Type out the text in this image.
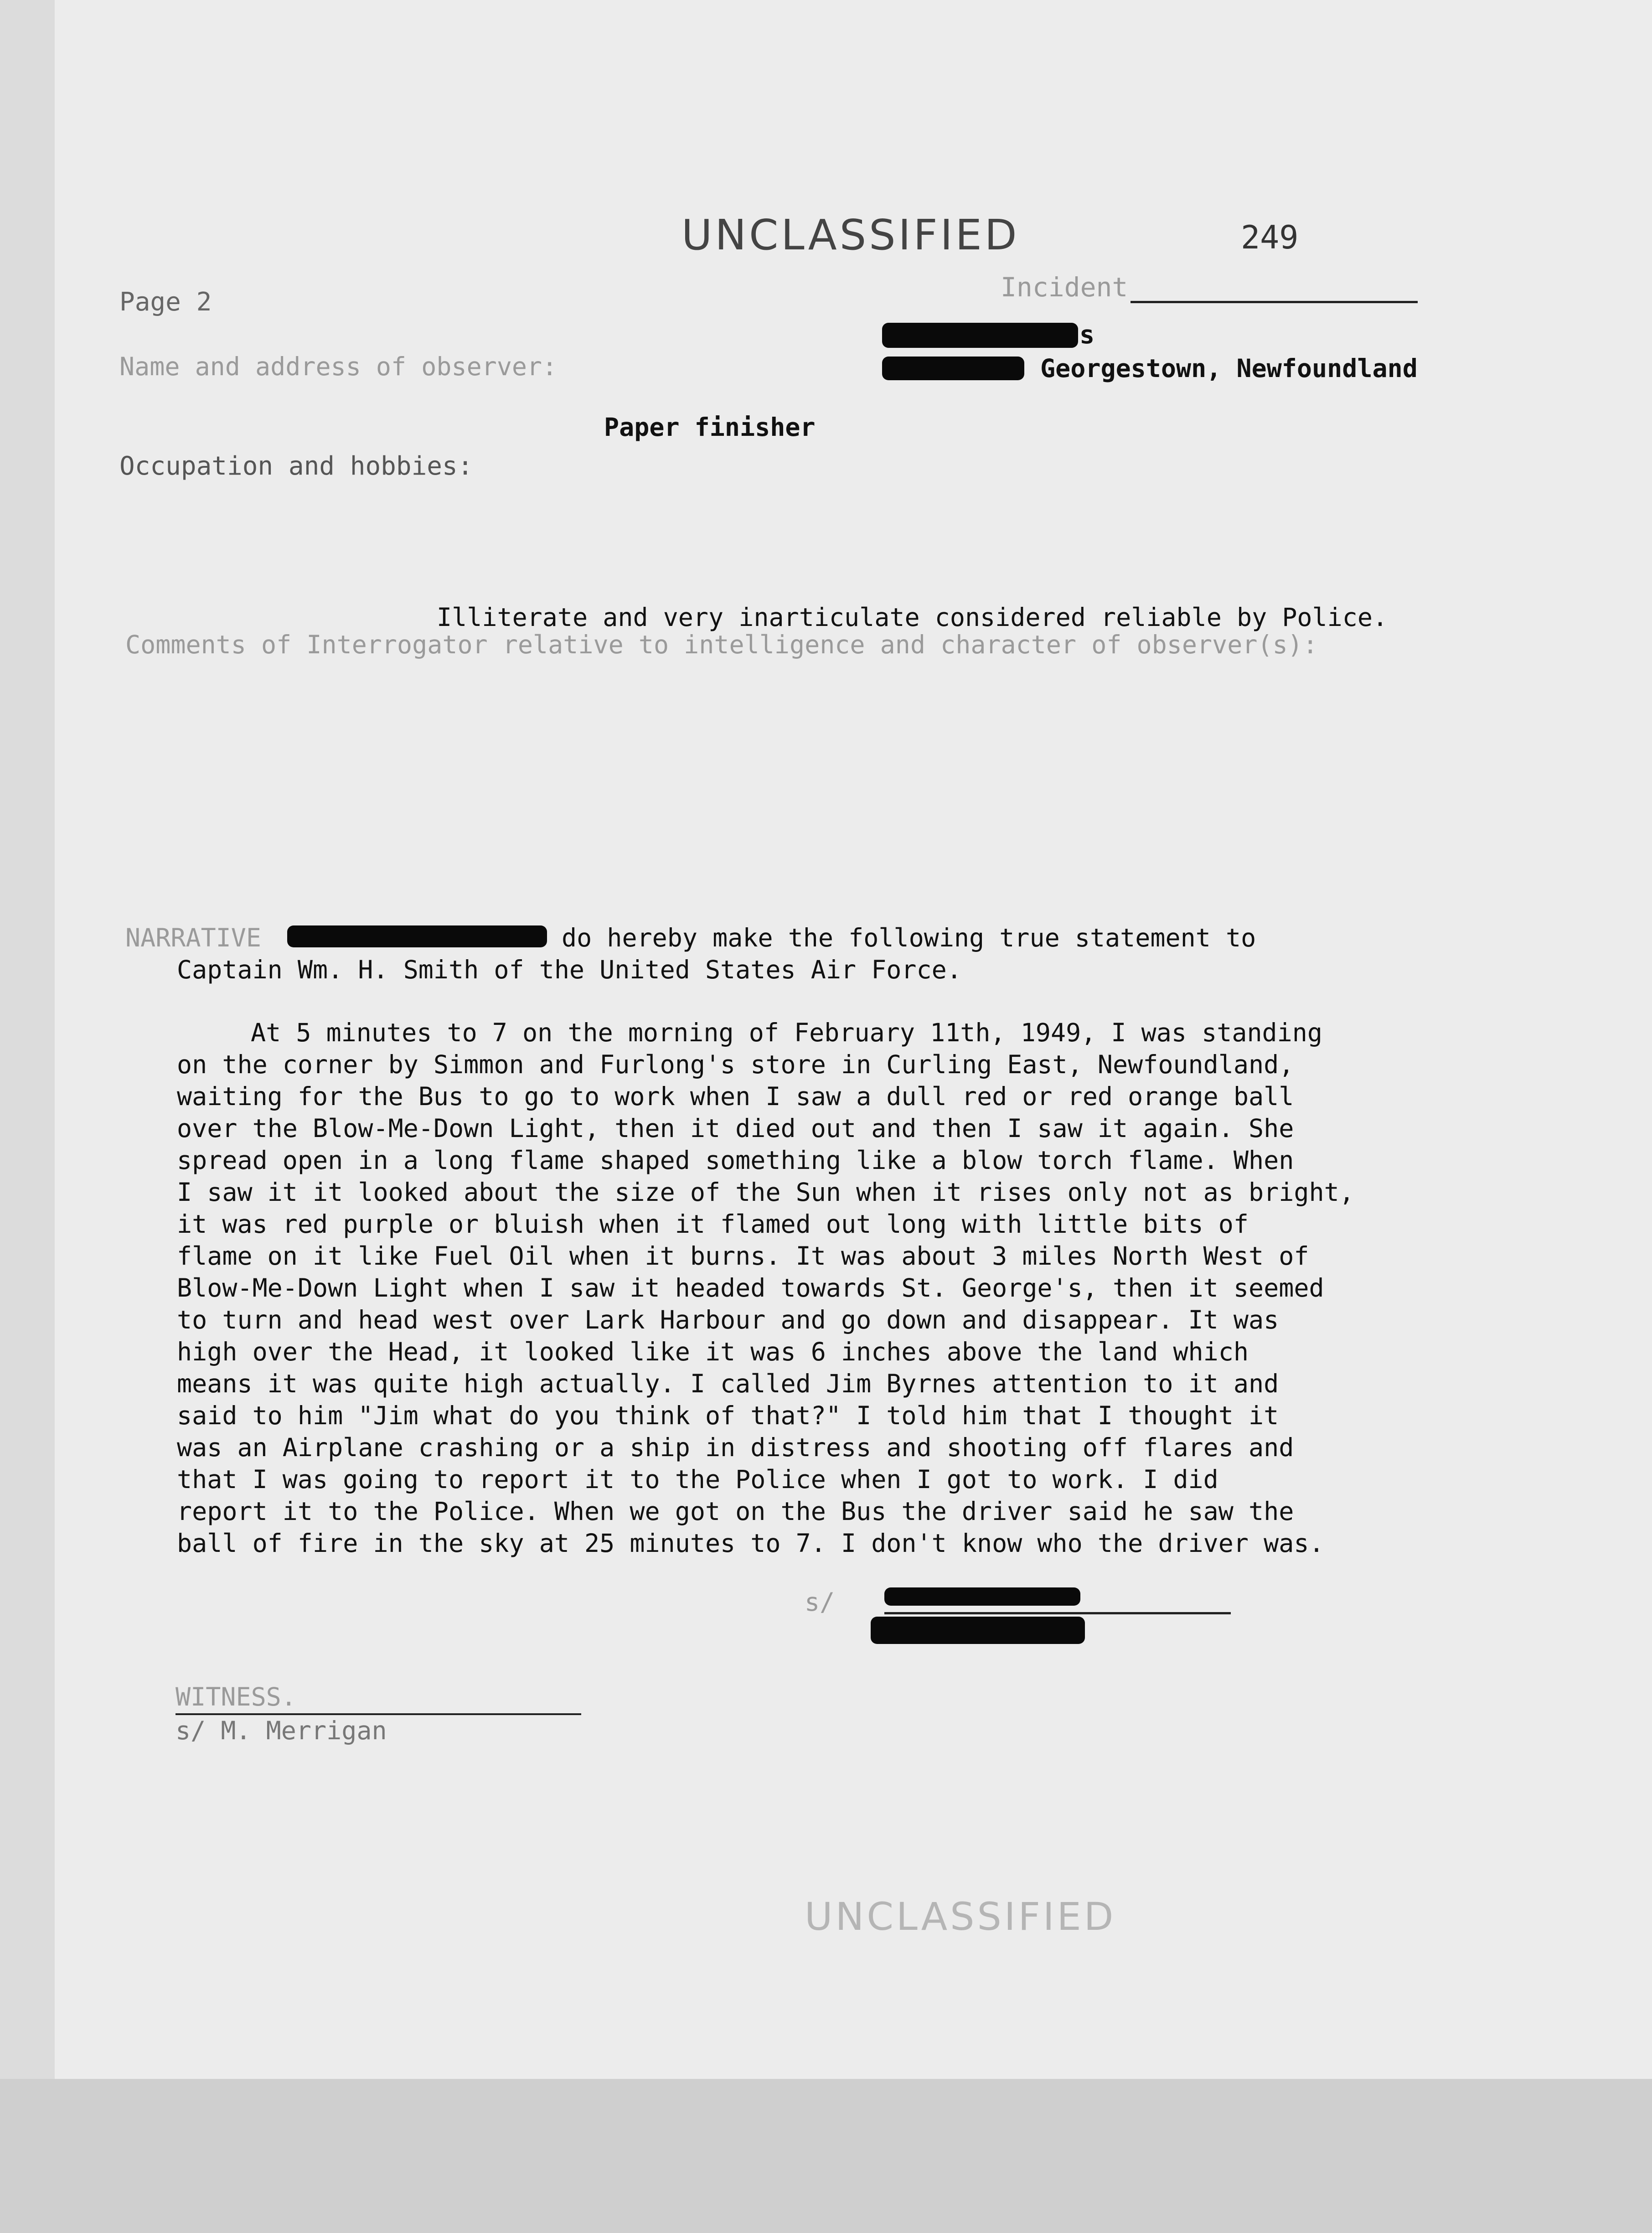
UNCLASSIFIED	249
Page 2	Incident
Name and address of observer:
s
Georgestown, Newfoundland
Paper finisher
Occupation and hobbies:
Illiterate and very inarticulate considered reliable by Police.
Comments of Interrogator relative to intelligence and character of observer(s):
NARRATIVE	do hereby make the following true statement to
Captain Wm. H. Smith of the United States Air Force.
At 5 minutes to 7 on the morning of February 11th, 1949, I was standing
on the corner by Simmon and Furlong's store in Curling East, Newfoundland,
waiting for the Bus to go to work when I saw a dull red or red orange ball
over the Blow-Me-Down Light, then it died out and then I saw it again. She
spread open in a long flame shaped something like a blow torch flame. When
I saw it it looked about the size of the Sun when it rises only not as bright,
it was red purple or bluish when it flamed out long with little bits of
flame on it like Fuel Oil when it burns. It was about 3 miles North West of
Blow-Me-Down Light when I saw it headed towards St. George's, then it seemed
to turn and head west over Lark Harbour and go down and disappear. It was
high over the Head, it looked like it was 6 inches above the land which
means it was quite high actually. I called Jim Byrnes attention to it and
said to him "Jim what do you think of that?" I told him that I thought it
was an Airplane crashing or a ship in distress and shooting off flares and
that I was going to report it to the Police when I got to work. I did
report it to the Police. When we got on the Bus the driver said he saw the
ball of fire in the sky at 25 minutes to 7. I don't know who the driver was.
s/
WITNESS.
s/ M. Merrigan
UNCLASSIFIED
